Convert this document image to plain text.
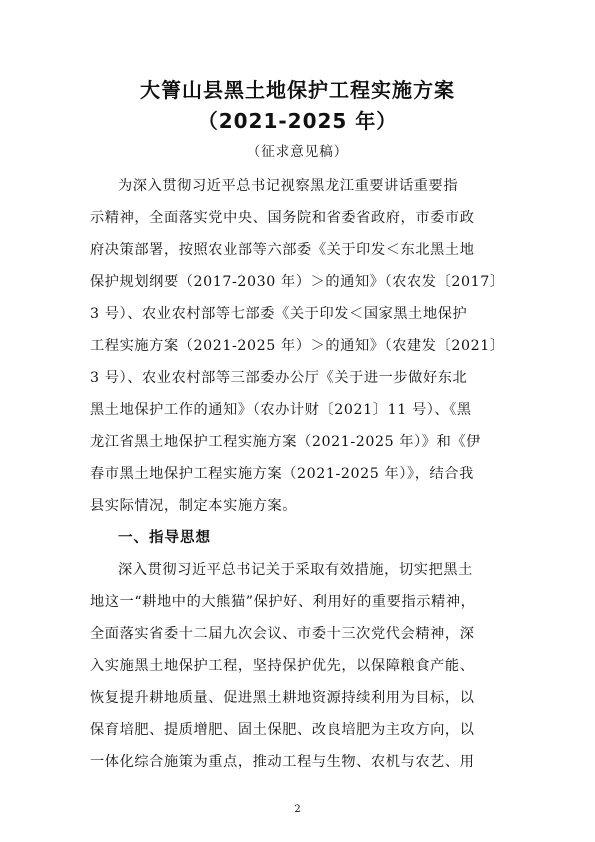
大箐山县黑土地保护工程实施方案
（2021-2025 年）
（征求意见稿）
为深入贯彻习近平总书记视察黑龙江重要讲话重要指
示精神，全面落实党中央、国务院和省委省政府，市委市政
府决策部署，按照农业部等六部委《关于印发＜东北黑土地
保护规划纲要（2017-2030 年）＞的通知》（农农发〔2017〕
3 号）、农业农村部等七部委《关于印发＜国家黑土地保护
工程实施方案（2021-2025 年）＞的通知》（农建发〔2021〕
3 号）、农业农村部等三部委办公厅《关于进一步做好东北
黑土地保护工作的通知》（农办计财〔2021〕11 号）、《黑
龙江省黑土地保护工程实施方案（2021-2025 年）》和《伊
春市黑土地保护工程实施方案（2021-2025 年）》，结合我
县实际情况，制定本实施方案。
一、指导思想
深入贯彻习近平总书记关于采取有效措施，切实把黑土
地这一“耕地中的大熊猫”保护好、利用好的重要指示精神，
全面落实省委十二届九次会议、市委十三次党代会精神，深
入实施黑土地保护工程，坚持保护优先，以保障粮食产能、
恢复提升耕地质量、促进黑土耕地资源持续利用为目标，以
保育培肥、提质增肥、固土保肥、改良培肥为主攻方向，以
一体化综合施策为重点，推动工程与生物、农机与农艺、用
2
